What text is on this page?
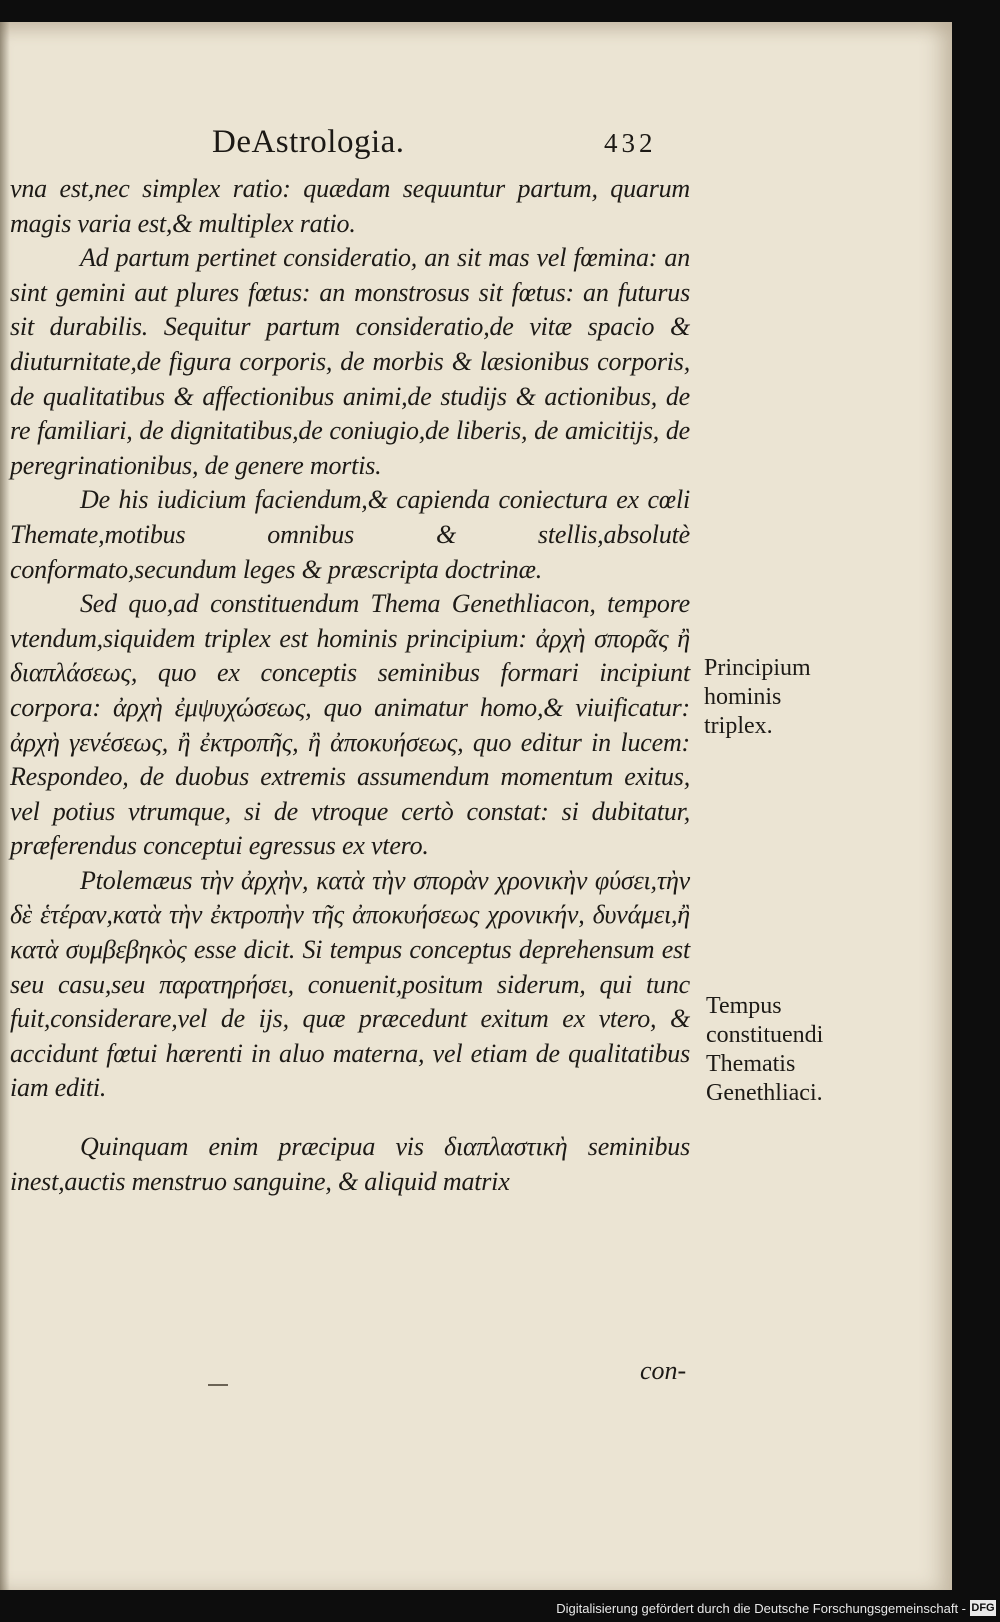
DeAstrologia.	432

vna est,nec simplex ratio: quædam sequuntur partum, quarum magis varia est,& multiplex ratio.

Ad partum pertinet consideratio, an sit mas vel fœmina: an sint gemini aut plures fœtus: an monstrosus sit fœtus: an futurus sit durabilis. Sequitur partum consideratio,de vitæ spacio & diuturnitate,de figura corporis, de morbis & læsionibus corporis, de qualitatibus & affectionibus animi,de studijs & actionibus, de re familiari, de dignitatibus,de coniugio,de liberis, de amicitijs, de peregrinationibus, de genere mortis.

De his iudicium faciendum,& capienda coniectura ex cœli Themate,motibus omnibus & stellis,absolutè conformato,secundum leges & præscripta doctrinæ.

Sed quo,ad constituendum Thema Genethliacon, tempore vtendum,siquidem triplex est hominis principium: ἀρχὴ σπορᾶς ἢ διαπλάσεως, quo ex conceptis seminibus formari incipiunt corpora: ἀρχὴ ἐμψυχώσεως, quo animatur homo,& viuificatur: ἀρχὴ γενέσεως, ἢ ἐκτροπῆς, ἢ ἀποκυήσεως, quo editur in lucem: Respondeo, de duobus extremis assumendum momentum exitus, vel potius vtrumque, si de vtroque certò constat: si dubitatur, præferendus conceptui egressus ex vtero.

Ptolemæus τὴν ἀρχὴν, κατὰ τὴν σπορὰν χρονικὴν φύσει,τὴν δὲ ἑτέραν,κατὰ τὴν ἐκτροπὴν τῆς ἀποκυήσεως χρονικήν, δυνάμει,ἢ κατὰ συμβεβηκὸς esse dicit. Si tempus conceptus deprehensum est seu casu,seu παρατηρήσει, conuenit,positum siderum, qui tunc fuit,considerare,vel de ijs, quæ præcedunt exitum ex vtero, & accidunt fœtui hærenti in aluo materna, vel etiam de qualitatibus iam editi.

Quinquam enim præcipua vis διαπλαστικὴ seminibus inest,auctis menstruo sanguine, & aliquid matrix

Principium hominis triplex.
Tempus constituendi Thematis Genethliaci.
con-
Digitalisierung gefördert durch die Deutsche Forschungsgemeinschaft - DFG
